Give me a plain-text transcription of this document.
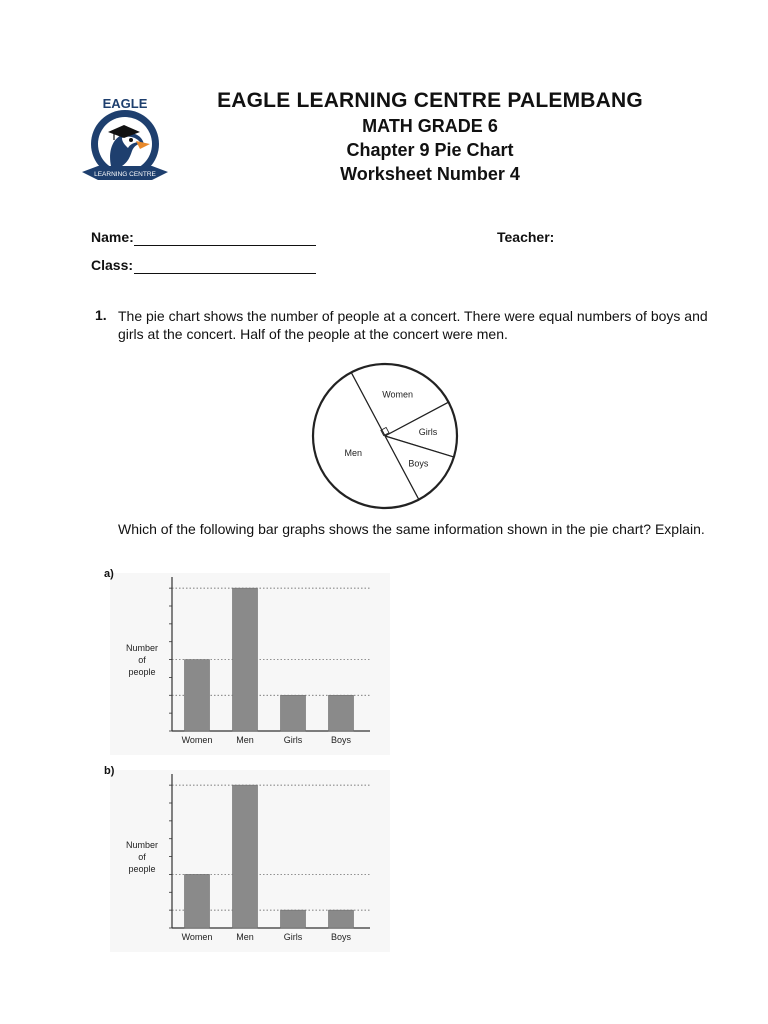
LEARNING CENTRE
EAGLE	EAGLE LEARNING CENTRE PALEMBANG
MATH GRADE 6
Chapter 9 Pie Chart
Worksheet Number 4
Name:
Class:
Teacher:
1. The pie chart shows the number of people at a concert. There were equal numbers of boys and girls at the concert. Half of the people at the concert were men.
Women
Girls
Boys
Men
Which of the following bar graphs shows the same information shown in the pie chart? Explain.
a)
Number
of
people
Women	Men	Girls	Boys
b)
Number
of
people
Women	Men	Girls	Boys
